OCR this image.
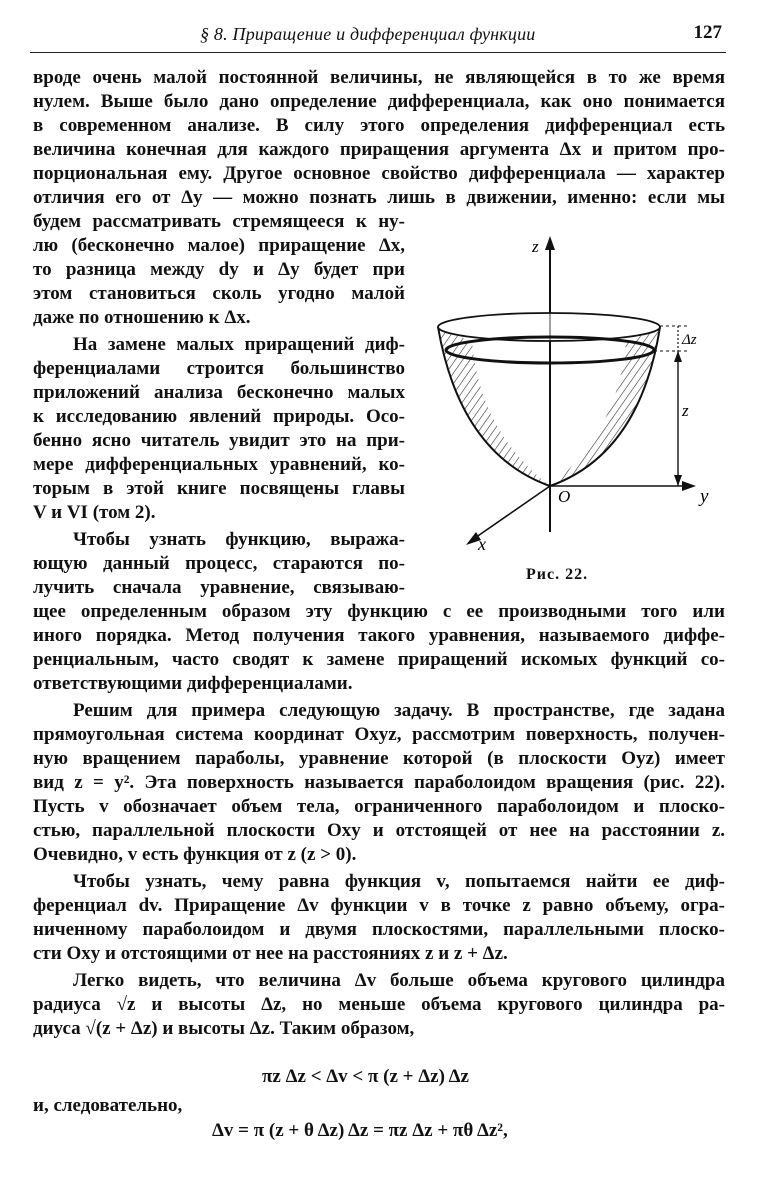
§ 8. Приращение и дифференциал функции	127
вроде очень малой постоянной величины, не являющейся в то же время
нулем. Выше было дано определение дифференциала, как оно понимается
в современном анализе. В силу этого определения дифференциал есть
величина конечная для каждого приращения аргумента Δx и притом про-
порциональная ему. Другое основное свойство дифференциала — характер
отличия его от Δy — можно познать лишь в движении, именно: если мы
будем рассматривать стремящееся к ну-
лю (бесконечно малое) приращение Δx,
то разница между dy и Δy будет при
этом становиться сколь угодно малой
даже по отношению к Δx.
На замене малых приращений диф-
ференциалами строится большинство
приложений анализа бесконечно малых
к исследованию явлений природы. Осо-
бенно ясно читатель увидит это на при-
мере дифференциальных уравнений, ко-
торым в этой книге посвящены главы
V и VI (том 2).
Чтобы узнать функцию, выража-
ющую данный процесс, стараются по-
лучить сначала уравнение, связываю-
щее определенным образом эту функцию с ее производными того или
иного порядка. Метод получения такого уравнения, называемого диффе-
ренциальным, часто сводят к замене приращений искомых функций со-
ответствующими дифференциалами.
Решим для примера следующую задачу. В пространстве, где задана
прямоугольная система координат Oxyz, рассмотрим поверхность, получен-
ную вращением параболы, уравнение которой (в плоскости Oyz) имеет
вид z = y². Эта поверхность называется параболоидом вращения (рис. 22).
Пусть v обозначает объем тела, ограниченного параболоидом и плоско-
стью, параллельной плоскости Oxy и отстоящей от нее на расстоянии z.
Очевидно, v есть функция от z (z > 0).
Чтобы узнать, чему равна функция v, попытаемся найти ее диф-
ференциал dv. Приращение Δv функции v в точке z равно объему, огра-
ниченному параболоидом и двумя плоскостями, параллельными плоско-
сти Oxy и отстоящими от нее на расстояниях z и z + Δz.
Легко видеть, что величина Δv больше объема кругового цилиндра
радиуса √z и высоты Δz, но меньше объема кругового цилиндра ра-
диуса √(z + Δz) и высоты Δz. Таким образом,
πz Δz < Δv < π (z + Δz) Δz
и, следовательно,
Δv = π (z + θ Δz) Δz = πz Δz + πθ Δz²,
z
y
x
O
Δz
z
Рис. 22.
